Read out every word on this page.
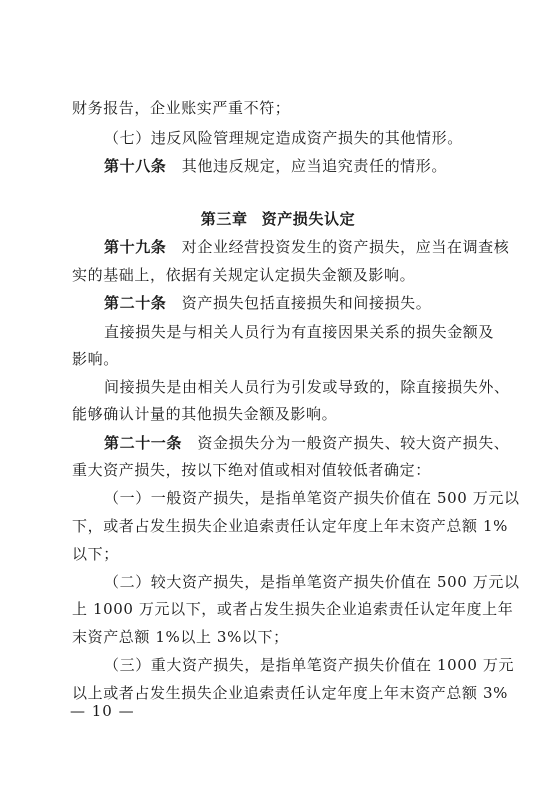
财务报告，企业账实严重不符；
（七）违反风险管理规定造成资产损失的其他情形。
第十八条 其他违反规定，应当追究责任的情形。
第三章 资产损失认定
第十九条 对企业经营投资发生的资产损失，应当在调查核
实的基础上，依据有关规定认定损失金额及影响。
第二十条 资产损失包括直接损失和间接损失。
直接损失是与相关人员行为有直接因果关系的损失金额及
影响。
间接损失是由相关人员行为引发或导致的，除直接损失外、
能够确认计量的其他损失金额及影响。
第二十一条 资金损失分为一般资产损失、较大资产损失、
重大资产损失，按以下绝对值或相对值较低者确定：
（一）一般资产损失，是指单笔资产损失价值在 500 万元以
下，或者占发生损失企业追索责任认定年度上年末资产总额 1%
以下；
（二）较大资产损失，是指单笔资产损失价值在 500 万元以
上 1000 万元以下，或者占发生损失企业追索责任认定年度上年
末资产总额 1%以上 3%以下；
（三）重大资产损失，是指单笔资产损失价值在 1000 万元
以上或者占发生损失企业追索责任认定年度上年末资产总额 3%
— 10 —
